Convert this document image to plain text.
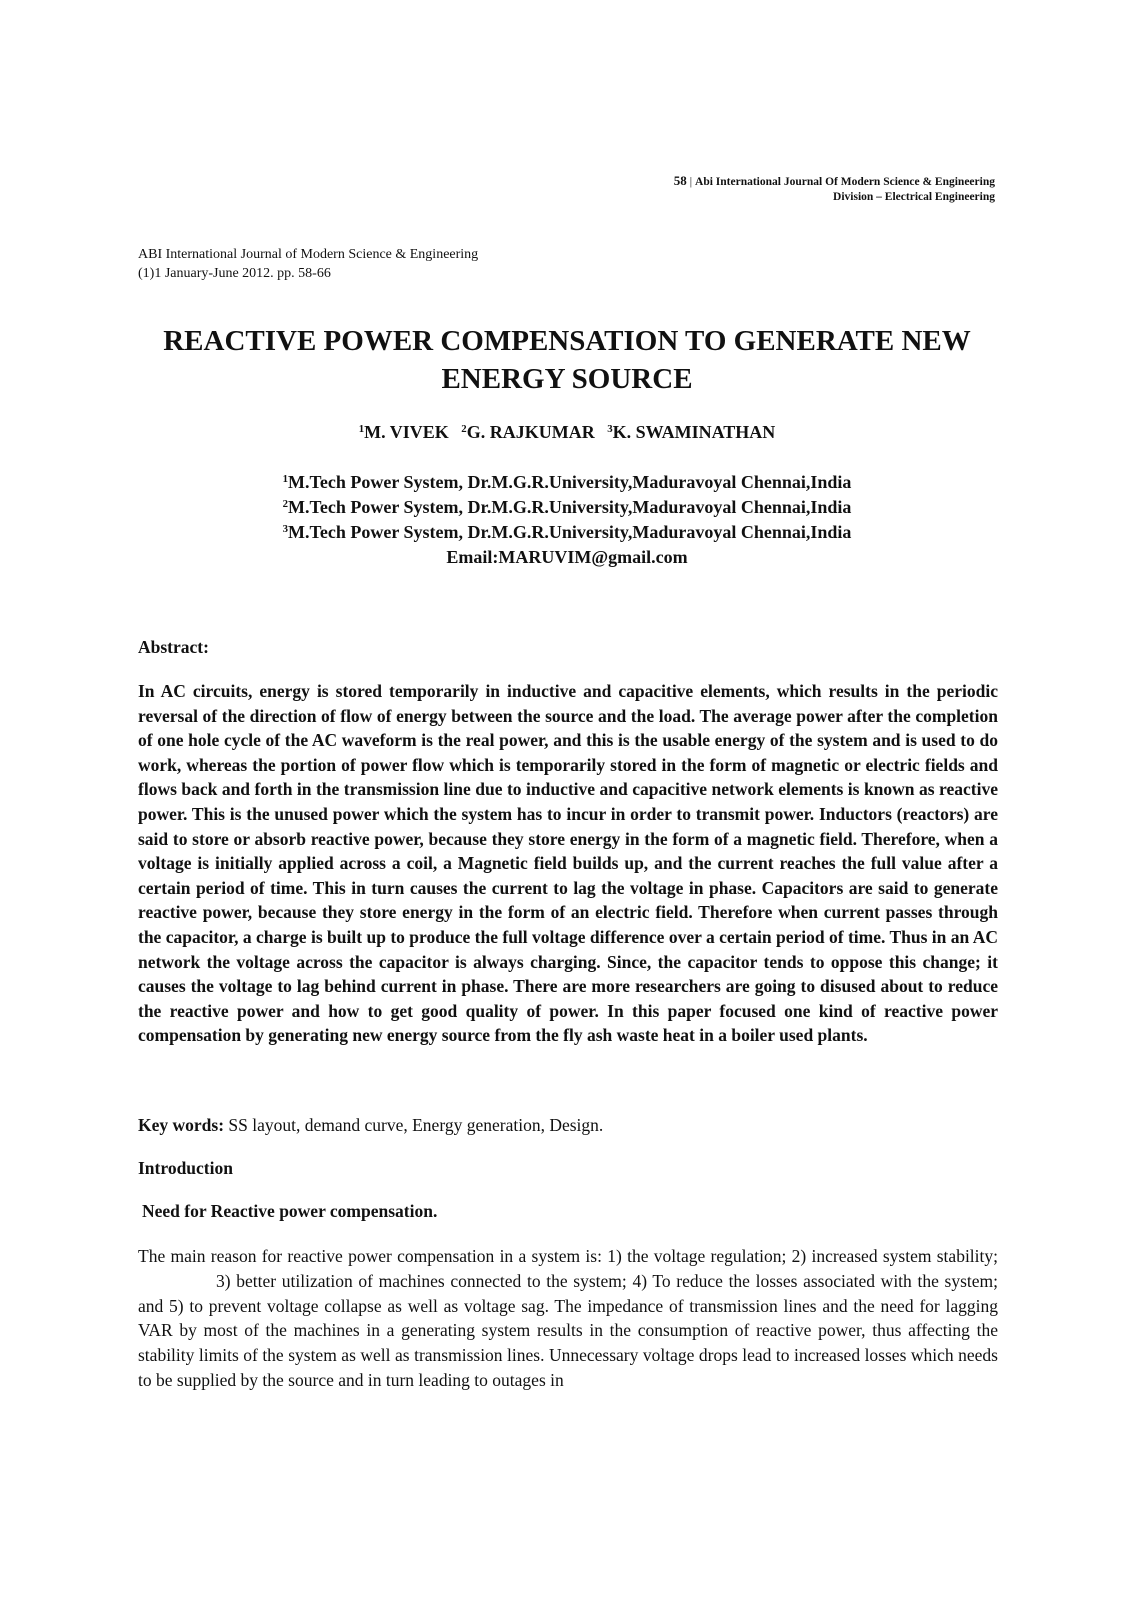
58 | Abi International Journal Of Modern Science & Engineering
Division – Electrical Engineering
ABI International Journal of Modern Science & Engineering
(1)1 January-June 2012. pp. 58-66
REACTIVE POWER COMPENSATION TO GENERATE NEW ENERGY SOURCE
$^1$M. VIVEK $^2$G. RAJKUMAR $^3$K. SWAMINATHAN
$^1$M.Tech Power System, Dr.M.G.R.University,Maduravoyal Chennai,India
$^2$M.Tech Power System, Dr.M.G.R.University,Maduravoyal Chennai,India
$^3$M.Tech Power System, Dr.M.G.R.University,Maduravoyal Chennai,India
Email:MARUVIM@gmail.com
Abstract:

In AC circuits, energy is stored temporarily in inductive and capacitive elements, which results in the periodic reversal of the direction of flow of energy between the source and the load. The average power after the completion of one hole cycle of the AC waveform is the real power, and this is the usable energy of the system and is used to do work, whereas the portion of power flow which is temporarily stored in the form of magnetic or electric fields and flows back and forth in the transmission line due to inductive and capacitive network elements is known as reactive power. This is the unused power which the system has to incur in order to transmit power. Inductors (reactors) are said to store or absorb reactive power, because they store energy in the form of a magnetic field. Therefore, when a voltage is initially applied across a coil, a Magnetic field builds up, and the current reaches the full value after a certain period of time. This in turn causes the current to lag the voltage in phase. Capacitors are said to generate reactive power, because they store energy in the form of an electric field. Therefore when current passes through the capacitor, a charge is built up to produce the full voltage difference over a certain period of time. Thus in an AC network the voltage across the capacitor is always charging. Since, the capacitor tends to oppose this change; it causes the voltage to lag behind current in phase. There are more researchers are going to disused about to reduce the reactive power and how to get good quality of power. In this paper focused one kind of reactive power compensation by generating new energy source from the fly ash waste heat in a boiler used plants.

Key words: SS layout, demand curve, Energy generation, Design.
Introduction
Need for Reactive power compensation.

The main reason for reactive power compensation in a system is: 1) the voltage regulation; 2) increased system stability;3) better utilization of machines connected to the system; 4) To reduce the losses associated with the system; and 5) to prevent voltage collapse as well as voltage sag. The impedance of transmission lines and the need for lagging VAR by most of the machines in a generating system results in the consumption of reactive power, thus affecting the stability limits of the system as well as transmission lines. Unnecessary voltage drops lead to increased losses which needs to be supplied by the source and in turn leading to outages in
